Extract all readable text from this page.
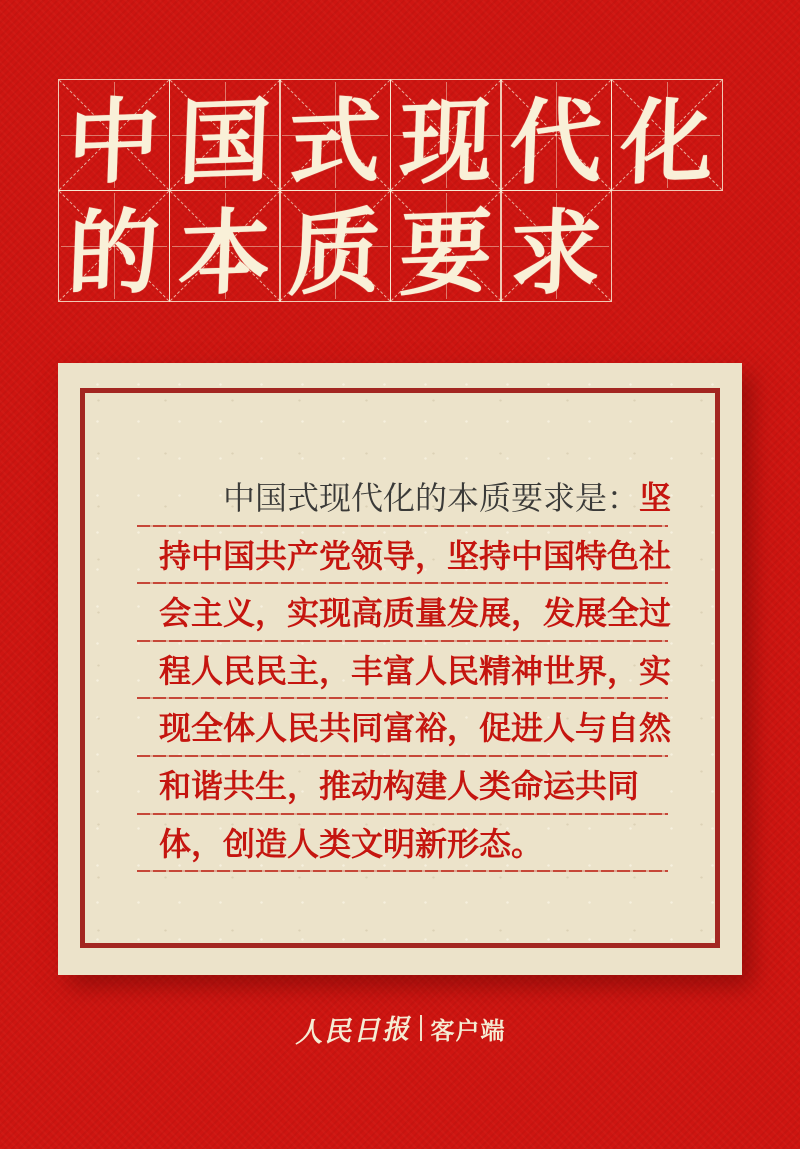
中 国 式 现 代 化
的 本 质 要 求
中国式现代化的本质要求是：坚
持中国共产党领导，坚持中国特色社
会主义，实现高质量发展，发展全过
程人民民主，丰富人民精神世界，实
现全体人民共同富裕，促进人与自然
和谐共生，推动构建人类命运共同
体，创造人类文明新形态。
人民日报 客户端
